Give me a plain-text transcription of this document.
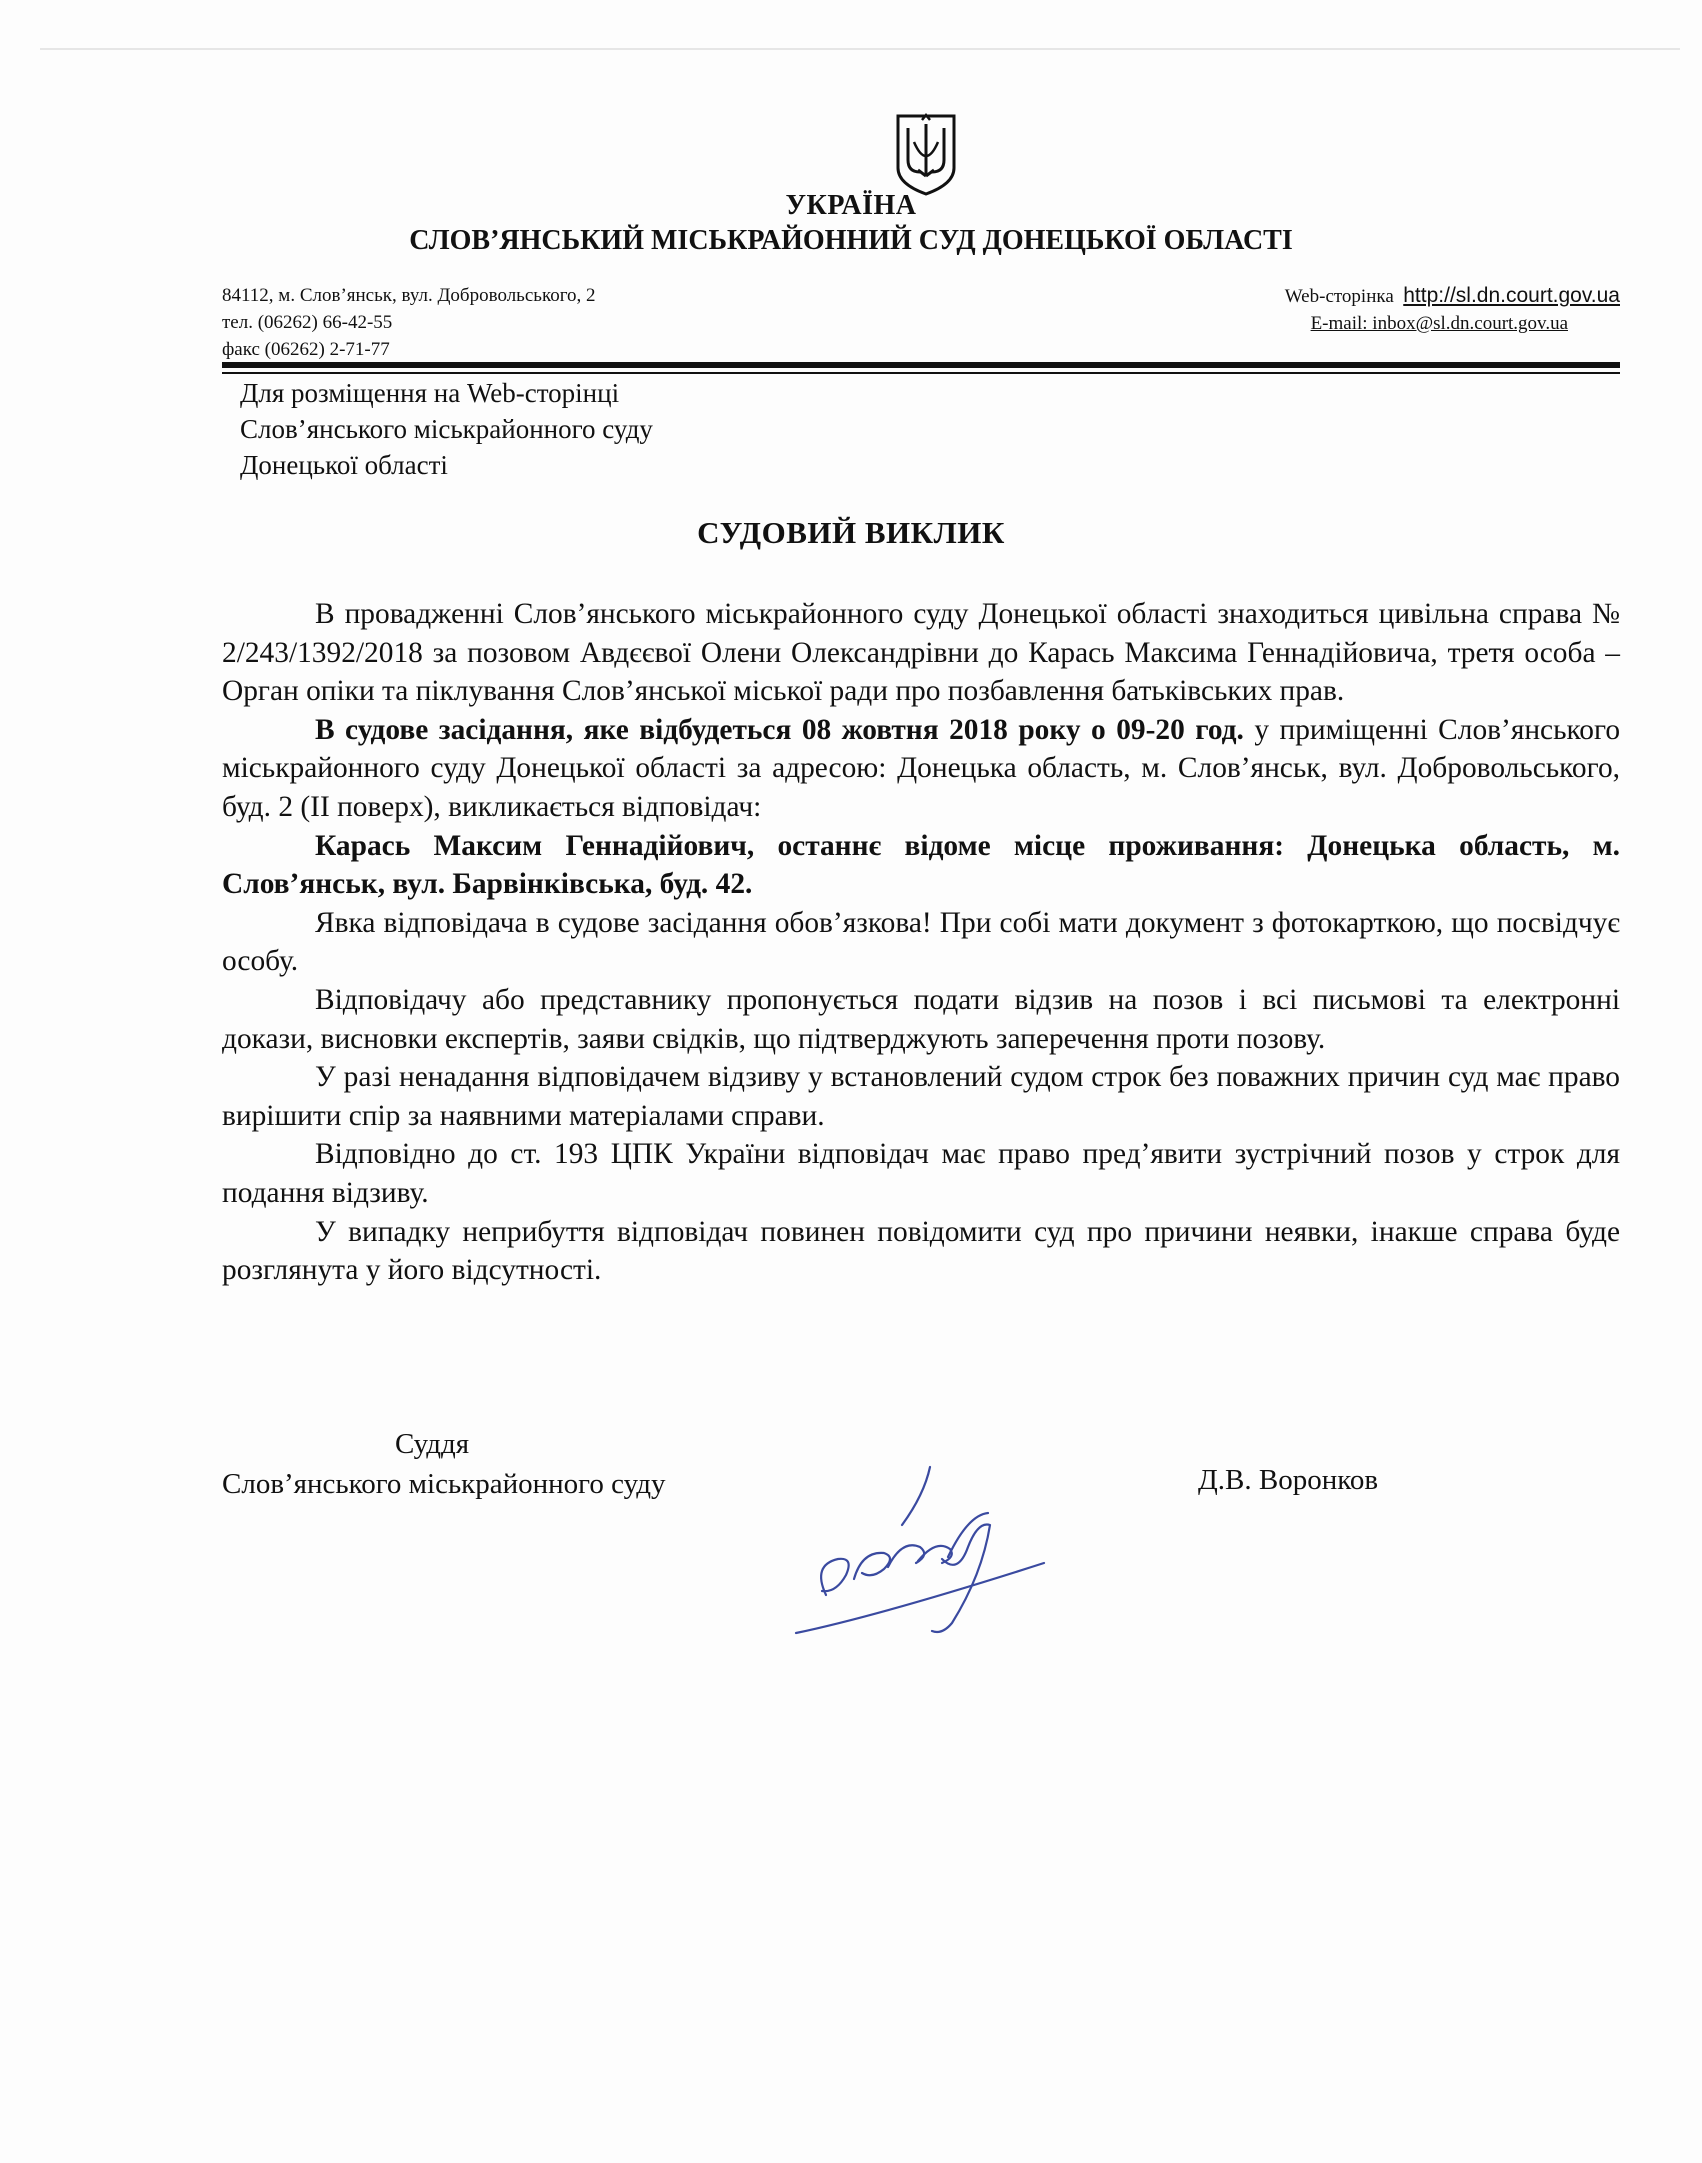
УКРАЇНА
СЛОВ’ЯНСЬКИЙ МІСЬКРАЙОННИЙ СУД ДОНЕЦЬКОЇ ОБЛАСТІ
84112, м. Слов’янськ, вул. Добровольського, 2
тел. (06262) 66-42-55
факс (06262) 2-71-77
Web-сторінка http://sl.dn.court.gov.ua
E-mail: inbox@sl.dn.court.gov.ua
Для розміщення на Web-сторінці
Слов’янського міськрайонного суду
Донецької області
СУДОВИЙ ВИКЛИК

В провадженні Слов’янського міськрайонного суду Донецької області знаходиться цивільна справа № 2/243/1392/2018 за позовом Авдєєвої Олени Олександрівни до Карась Максима Геннадійовича, третя особа – Орган опіки та піклування Слов’янської міської ради про позбавлення батьківських прав.

В судове засідання, яке відбудеться 08 жовтня 2018 року о 09-20 год. у приміщенні Слов’янського міськрайонного суду Донецької області за адресою: Донецька область, м. Слов’янськ, вул. Добровольського, буд. 2 (ІІ поверх), викликається відповідач:

Карась Максим Геннадійович, останнє відоме місце проживання: Донецька область, м. Слов’янськ, вул. Барвінківська, буд. 42.

Явка відповідача в судове засідання обов’язкова! При собі мати документ з фотокарткою, що посвідчує особу.

Відповідачу або представнику пропонується подати відзив на позов і всі письмові та електронні докази, висновки експертів, заяви свідків, що підтверджують заперечення проти позову.

У разі ненадання відповідачем відзиву у встановлений судом строк без поважних причин суд має право вирішити спір за наявними матеріалами справи.

Відповідно до ст. 193 ЦПК України відповідач має право пред’явити зустрічний позов у строк для подання відзиву.

У випадку неприбуття відповідач повинен повідомити суд про причини неявки, інакше справа буде розглянута у його відсутності.

Суддя
Слов’янського міськрайонного суду	Д.В. Воронков
